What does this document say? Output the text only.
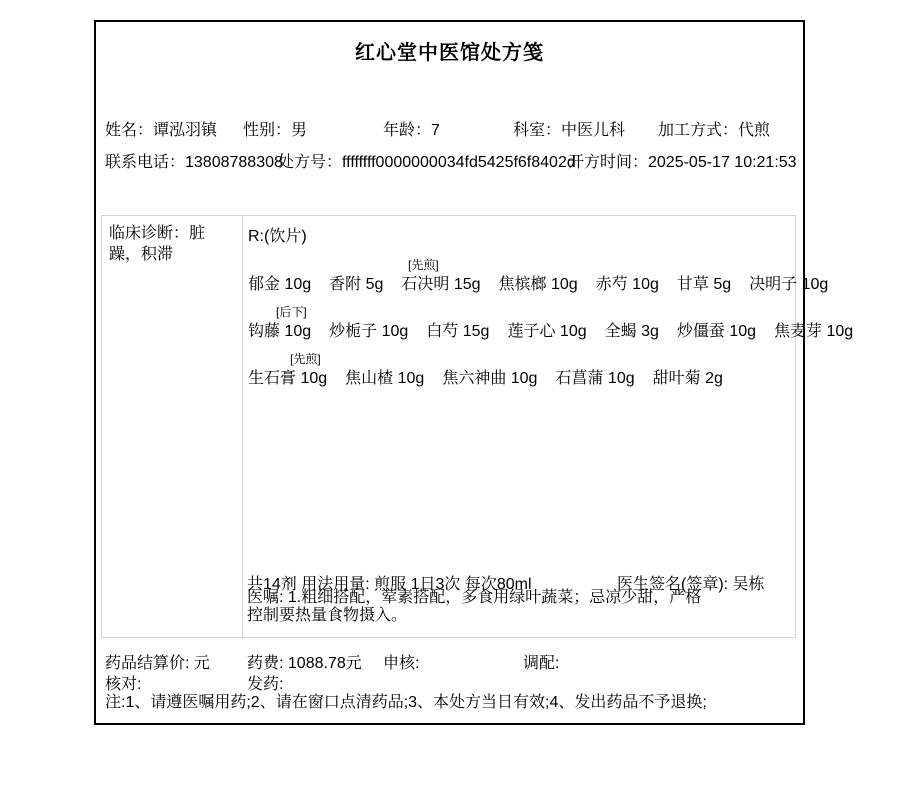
红心堂中医馆处方笺
姓名：谭泓羽镇 性别：男	年龄：7	科室：中医儿科 加工方式：代煎
联系电话：13808788308
处方号：ffffffff0000000034fd5425f6f8402d
开方时间：2025-05-17 10:21:53
临床诊断：脏躁，积滞
R:(饮片)
[先煎]
郁金 10g 香附 5g 石决明 15g 焦槟榔 10g 赤芍 10g 甘草 5g 决明子 10g
[后下]
钩藤 10g 炒栀子 10g 白芍 15g 莲子心 10g 全蝎 3g 炒僵蚕 10g 焦麦芽 10g
[先煎]
生石膏 10g 焦山楂 10g 焦六神曲 10g 石菖蒲 10g 甜叶菊 2g
共14剂 用法用量: 煎服 1日3次 每次80ml	医生签名(签章): 吴栋
医嘱: 1.粗细搭配，荤素搭配，多食用绿叶蔬菜；忌凉少甜，严格
控制要热量食物摄入。
药品结算价: 元 药费: 1088.78元 申核:	调配:
核对:	发药:
注:1、请遵医嘱用药;2、请在窗口点清药品;3、本处方当日有效;4、发出药品不予退换;
